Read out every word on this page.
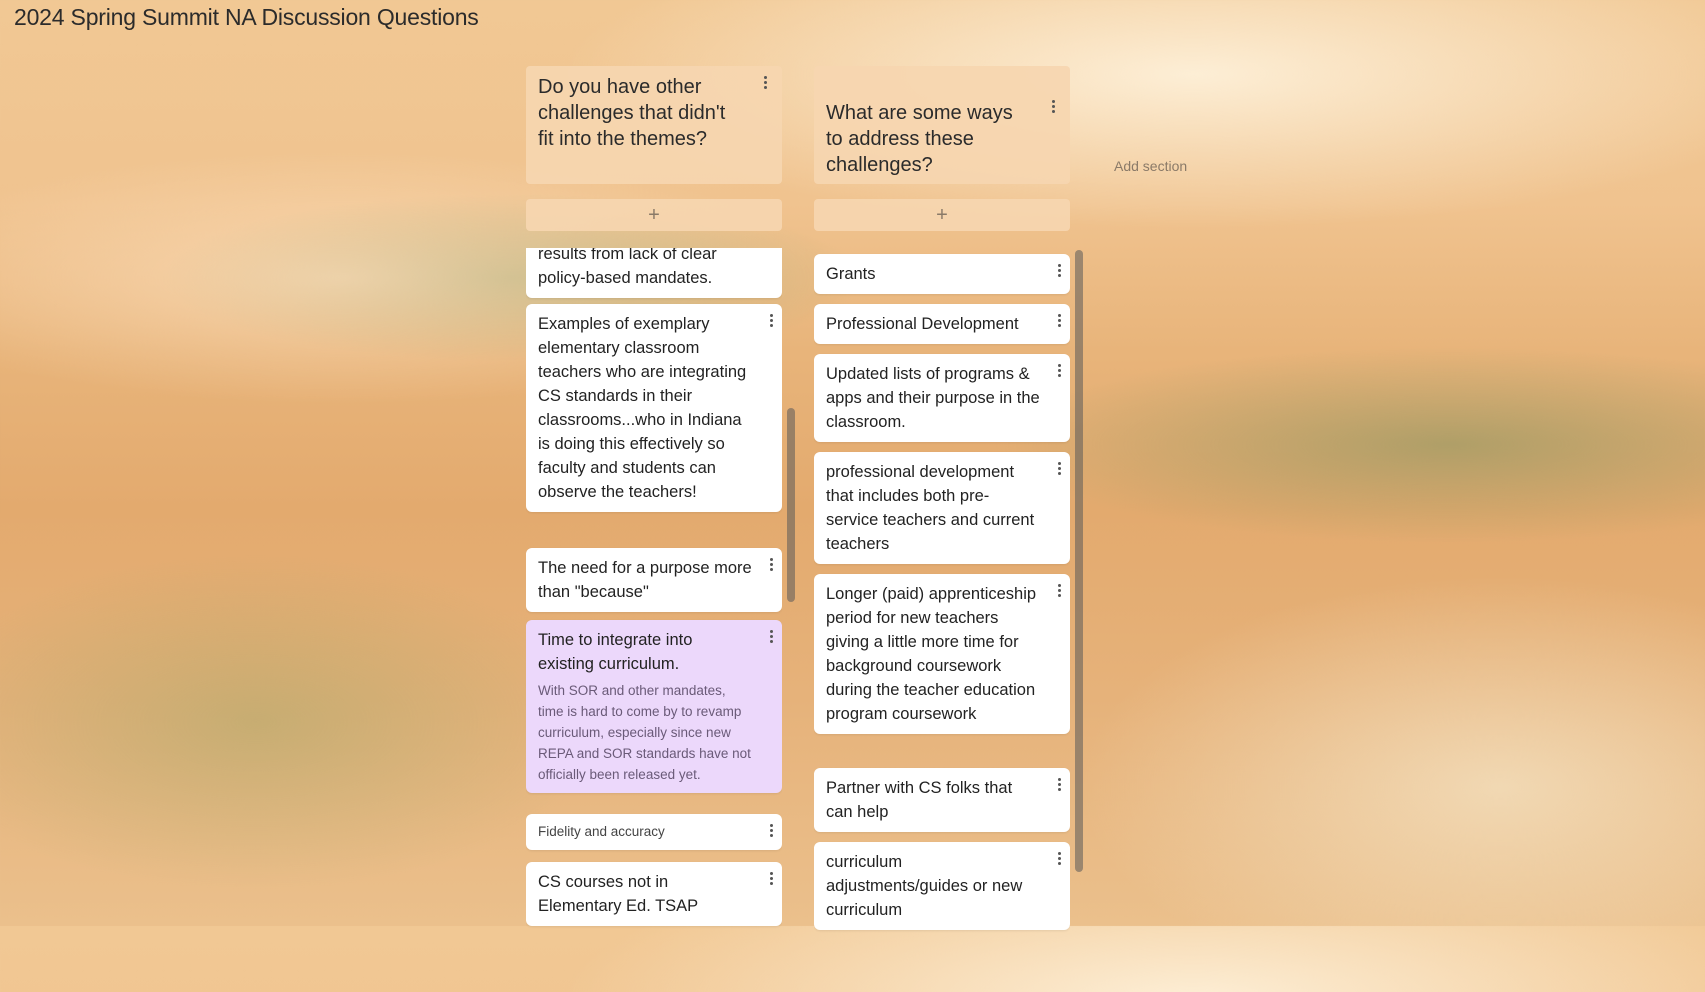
2024 Spring Summit NA Discussion Questions
Do you have other challenges that didn't fit into the themes?
+

results from lack of clear policy-based mandates.

Examples of exemplary elementary classroom teachers who are integrating CS standards in their classrooms...who in Indiana is doing this effectively so faculty and students can observe the teachers!

The need for a purpose more than "because"

Time to integrate into existing curriculum.

With SOR and other mandates, time is hard to come by to revamp curriculum, especially since new REPA and SOR standards have not officially been released yet.

Fidelity and accuracy

CS courses not in Elementary Ed. TSAP

What are some ways to address these challenges?
+

Grants

Professional Development

Updated lists of programs & apps and their purpose in the classroom.

professional development that includes both pre-service teachers and current teachers

Longer (paid) apprenticeship period for new teachers giving a little more time for background coursework during the teacher education program coursework

Partner with CS folks that can help

curriculum adjustments/guides or new curriculum

Add section
